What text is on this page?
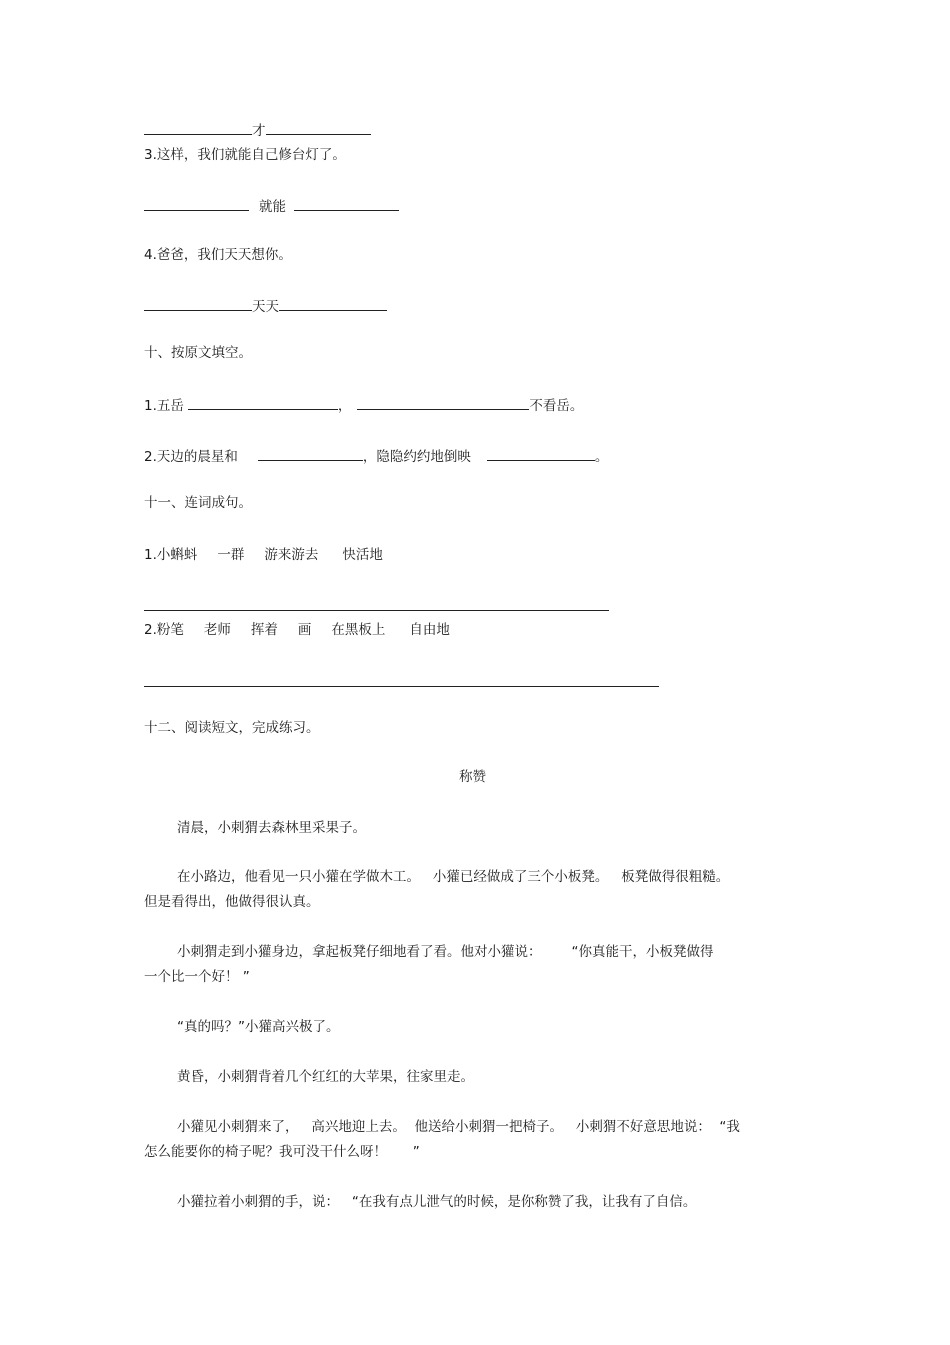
才
3.这样，我们就能自己修台灯了。
就能
4.爸爸，我们天天想你。
天天
十、按原文填空。
1.五岳	，	不看岳。
2.天边的晨星和	，隐隐约约地倒映	。
十一、连词成句。
1.小蝌蚪 一群 游来游去 快活地
2.粉笔 老师 挥着 画 在黑板上 自由地
十二、阅读短文，完成练习。
称赞
清晨，小刺猬去森林里采果子。
在小路边，他看见一只小獾在学做木工。   小獾已经做成了三个小板凳。   板凳做得很粗糙。
但是看得出，他做得很认真。
小刺猬走到小獾身边，拿起板凳仔细地看了看。他对小獾说：       “你真能干，小板凳做得
一个比一个好！ ”
“真的吗？”小獾高兴极了。
黄昏，小刺猬背着几个红红的大苹果，往家里走。
小獾见小刺猬来了，   高兴地迎上去。  他送给小刺猬一把椅子。   小刺猬不好意思地说：  “我
怎么能要你的椅子呢？我可没干什么呀！      ”
小獾拉着小刺猬的手，说：   “在我有点儿泄气的时候，是你称赞了我，让我有了自信。
